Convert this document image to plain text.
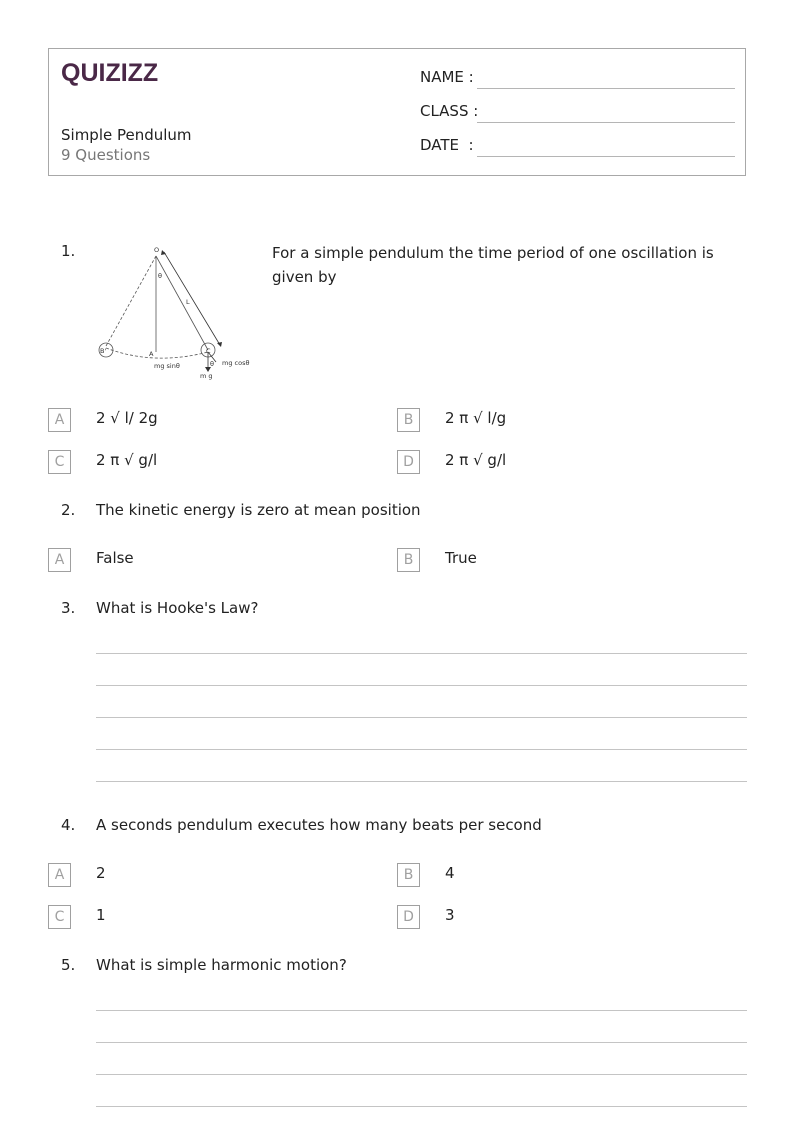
QUIZIZZ
Simple Pendulum
9 Questions
NAME :
CLASS :
DATE  :
1.	O
θ
L
B'	A	C
mg sinθ	mg cosθ
θ
m g
For a simple pendulum the time period of one oscillation is given by
A	2 √ l/ 2g	B	2 π √ l/g
C	2 π √ g/l	D	2 π √ g/l
2. The kinetic energy is zero at mean position
A	False	B	True
3. What is Hooke's Law?
4. A seconds pendulum executes how many beats per second
A	2	B	4
C	1	D	3
5. What is simple harmonic motion?
